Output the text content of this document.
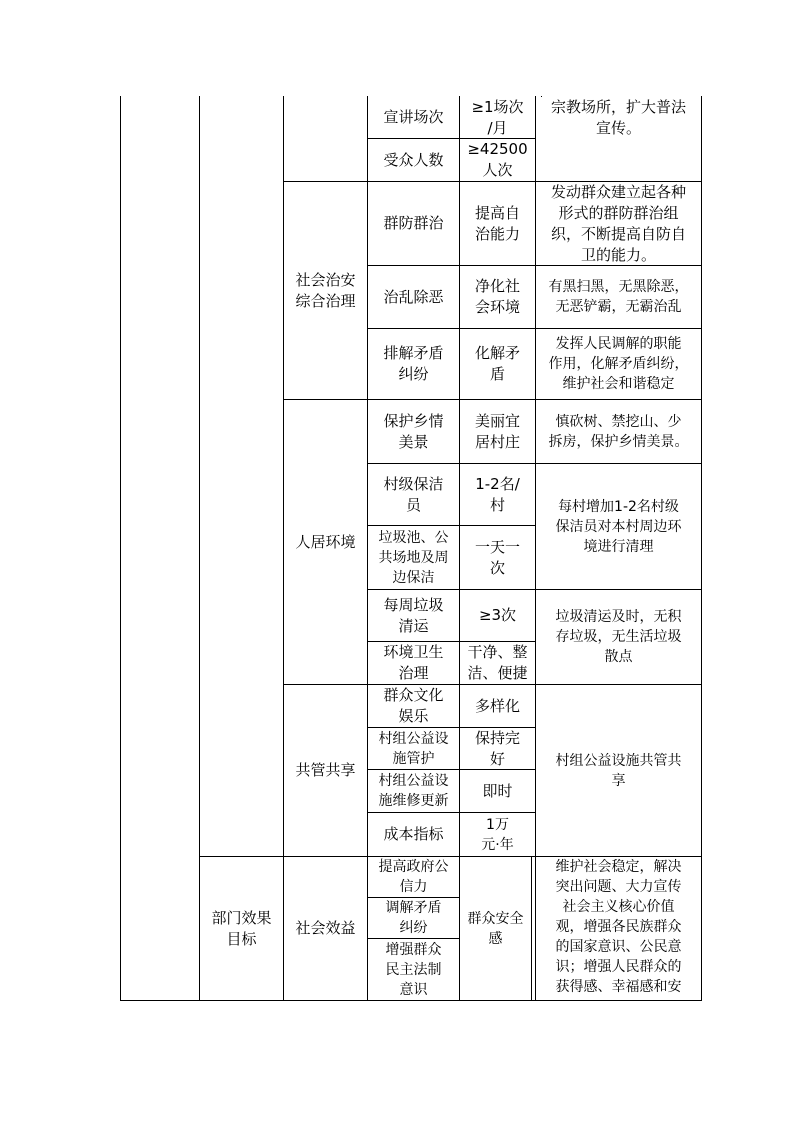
社会治安
综合治理
人居环境
共管共享
社会效益
部门效果
目标
宣讲场次
≥1场次
/月
受众人数
≥42500
人次
群防群治
提高自
治能力
治乱除恶
净化社
会环境
排解矛盾
纠纷
化解矛
盾
保护乡情
美景
美丽宜
居村庄
村级保洁
员
1-2名/
村
垃圾池、公
共场地及周
边保洁
一天一
次
每周垃圾
清运
≥3次
环境卫生
治理
干净、整
洁、便捷
群众文化
娱乐
多样化
村组公益设
施管护
保持完
好
村组公益设
施维修更新
即时
成本指标
1万
元·年
提高政府公
信力
调解矛盾
纠纷
增强群众
民主法制
意识
群众安全
感
宗教场所，扩大普法
宣传。
发动群众建立起各种
形式的群防群治组
织，不断提高自防自
卫的能力。
有黑扫黑，无黑除恶，
无恶铲霸，无霸治乱
发挥人民调解的职能
作用，化解矛盾纠纷，
维护社会和谐稳定
慎砍树、禁挖山、少
拆房，保护乡情美景。
每村增加1-2名村级
保洁员对本村周边环
境进行清理
垃圾清运及时，无积
存垃圾，无生活垃圾
散点
村组公益设施共管共
享
维护社会稳定，解决
突出问题、大力宣传
社会主义核心价值
观，增强各民族群众
的国家意识、公民意
识；增强人民群众的
获得感、幸福感和安
